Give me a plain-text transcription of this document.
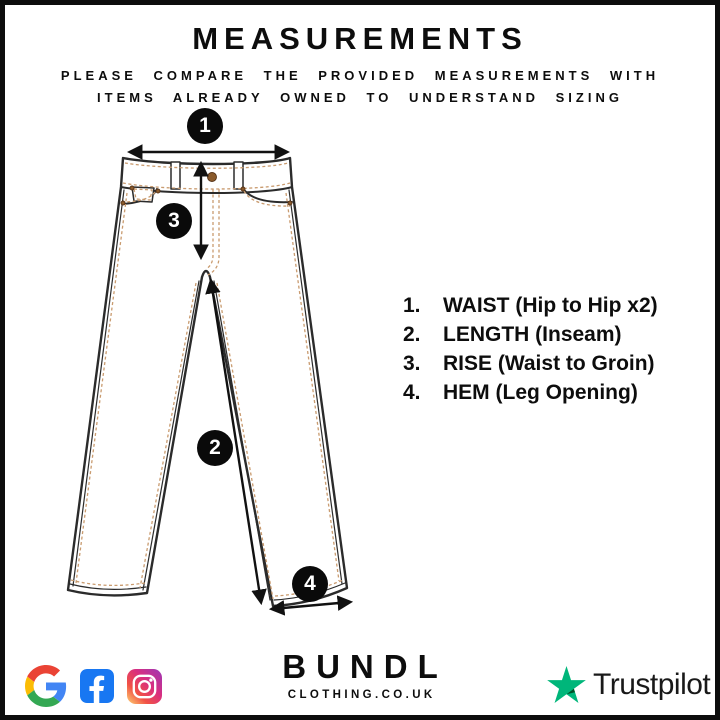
MEASUREMENTS
PLEASE COMPARE THE PROVIDED MEASUREMENTS WITH
ITEMS ALREADY OWNED TO UNDERSTAND SIZING
1
3
2
4
1.	WAIST (Hip to Hip x2)
2.	LENGTH (Inseam)
3.	RISE (Waist to Groin)
4.	HEM (Leg Opening)
BUNDL
CLOTHING.CO.UK	Trustpilot
